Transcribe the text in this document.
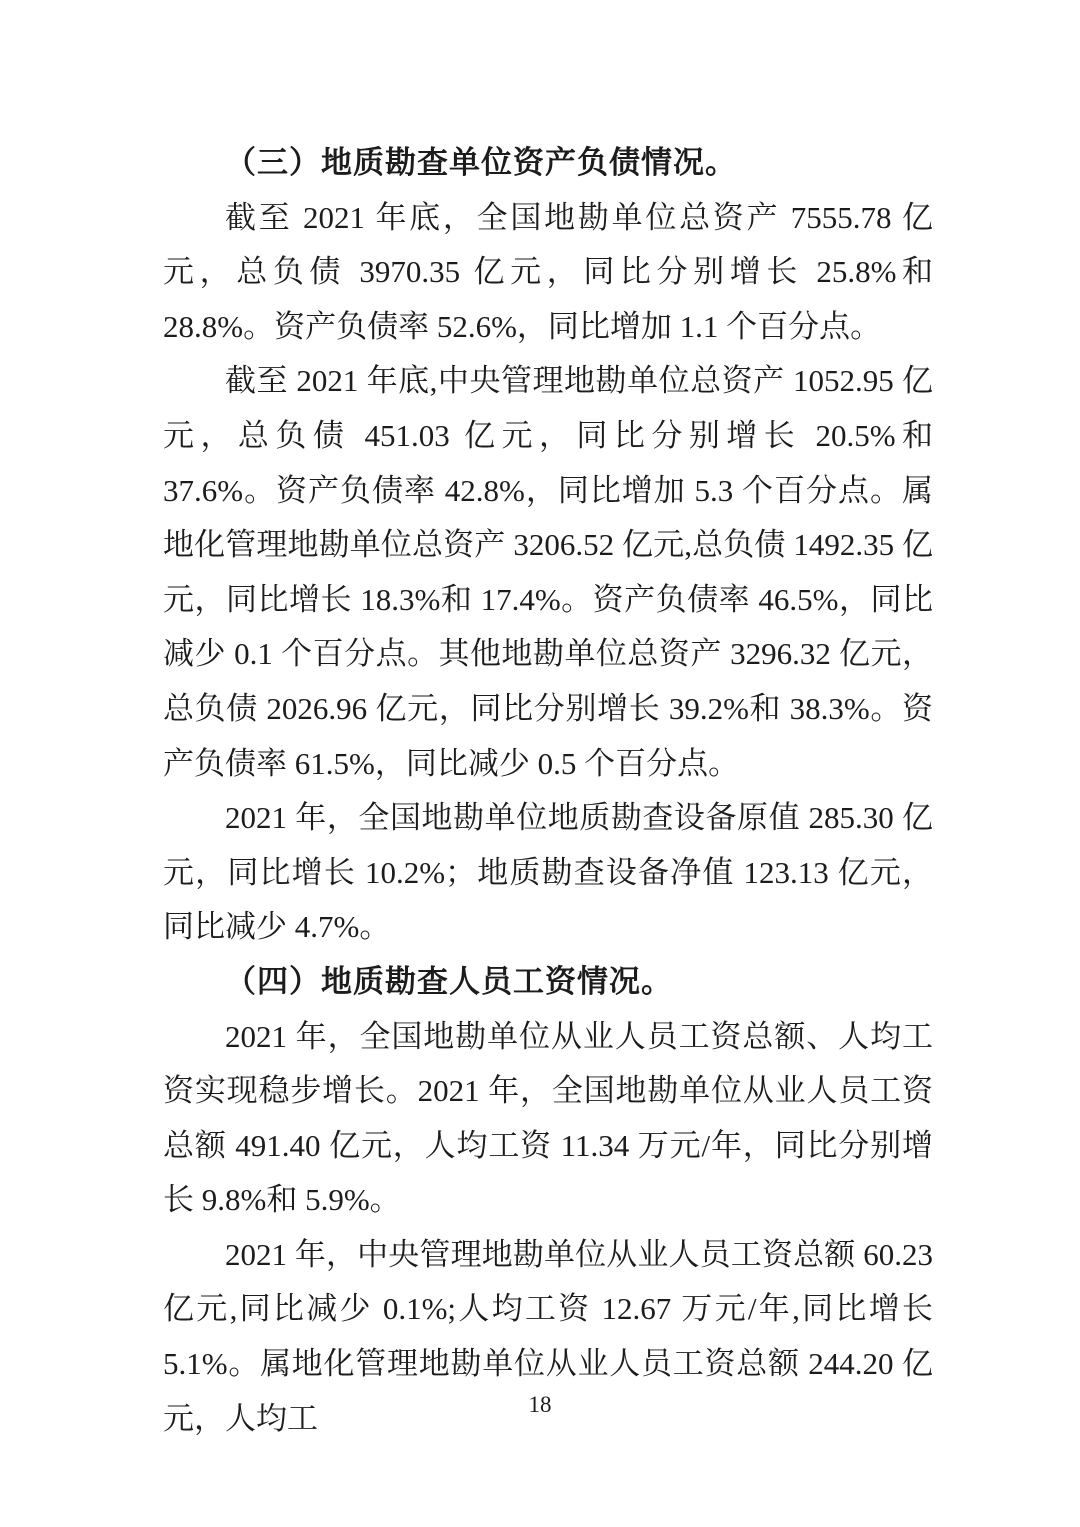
（三）地质勘查单位资产负债情况。

截至 2021 年底，全国地勘单位总资产 7555.78 亿元，总负债 3970.35 亿元，同比分别增长 25.8%和 28.8%。资产负债率 52.6%，同比增加 1.1 个百分点。

截至 2021 年底,中央管理地勘单位总资产 1052.95 亿元，总负债 451.03 亿元，同比分别增长 20.5%和 37.6%。资产负债率 42.8%，同比增加 5.3 个百分点。属地化管理地勘单位总资产 3206.52 亿元,总负债 1492.35 亿元，同比增长 18.3%和 17.4%。资产负债率 46.5%，同比减少 0.1 个百分点。其他地勘单位总资产 3296.32 亿元，总负债 2026.96 亿元，同比分别增长 39.2%和 38.3%。资产负债率 61.5%，同比减少 0.5 个百分点。

2021 年，全国地勘单位地质勘查设备原值 285.30 亿元，同比增长 10.2%；地质勘查设备净值 123.13 亿元，同比减少 4.7%。

（四）地质勘查人员工资情况。

2021 年，全国地勘单位从业人员工资总额、人均工资实现稳步增长。2021 年，全国地勘单位从业人员工资总额 491.40 亿元，人均工资 11.34 万元/年，同比分别增长 9.8%和 5.9%。

2021 年，中央管理地勘单位从业人员工资总额 60.23 亿元,同比减少 0.1%;人均工资 12.67 万元/年,同比增长 5.1%。属地化管理地勘单位从业人员工资总额 244.20 亿元，人均工	18
